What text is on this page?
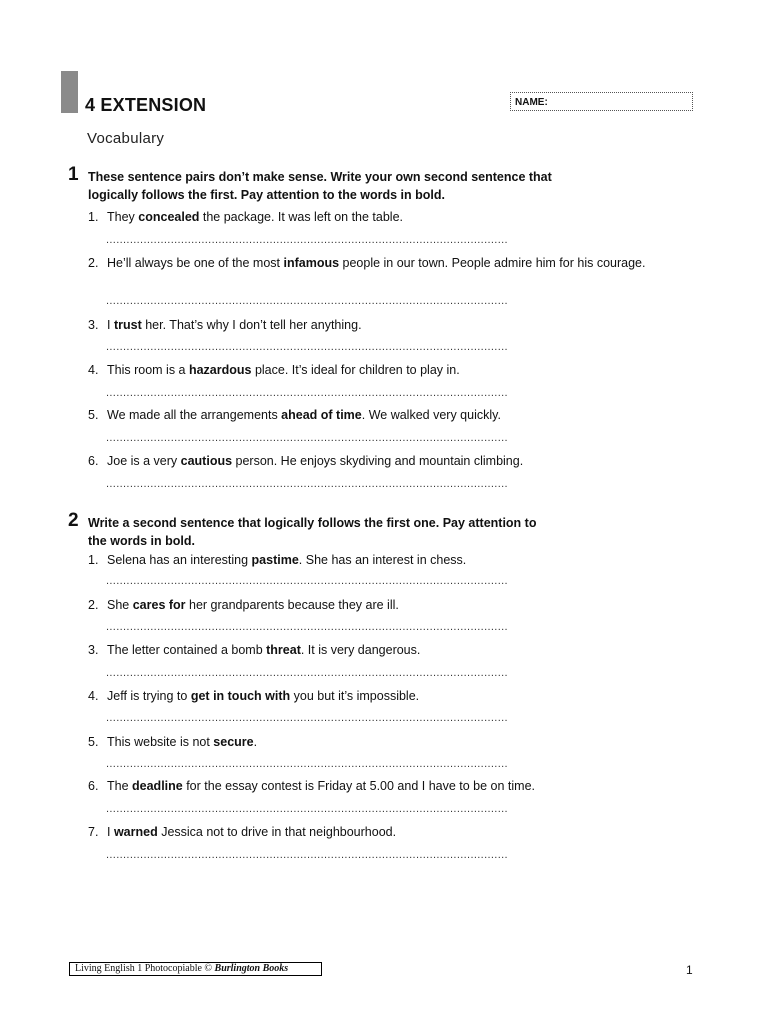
4 EXTENSION	NAME:
Vocabulary
1 These sentence pairs don’t make sense. Write your own second sentence that
logically follows the first. Pay attention to the words in bold.
1. They concealed the package. It was left on the table.
......................................................................................................................
2. He’ll always be one of the most infamous people in our town. People admire him for his courage.
......................................................................................................................
3. I trust her. That’s why I don’t tell her anything.
......................................................................................................................
4. This room is a hazardous place. It’s ideal for children to play in.
......................................................................................................................
5. We made all the arrangements ahead of time. We walked very quickly.
......................................................................................................................
6. Joe is a very cautious person. He enjoys skydiving and mountain climbing.
......................................................................................................................
2 Write a second sentence that logically follows the first one. Pay attention to
the words in bold.
1. Selena has an interesting pastime. She has an interest in chess.
......................................................................................................................
2. She cares for her grandparents because they are ill.
......................................................................................................................
3. The letter contained a bomb threat. It is very dangerous.
......................................................................................................................
4. Jeff is trying to get in touch with you but it’s impossible.
......................................................................................................................
5. This website is not secure.
......................................................................................................................
6. The deadline for the essay contest is Friday at 5.00 and I have to be on time.
......................................................................................................................
7. I warned Jessica not to drive in that neighbourhood.
......................................................................................................................
Living English 1 Photocopiable © Burlington Books	1
